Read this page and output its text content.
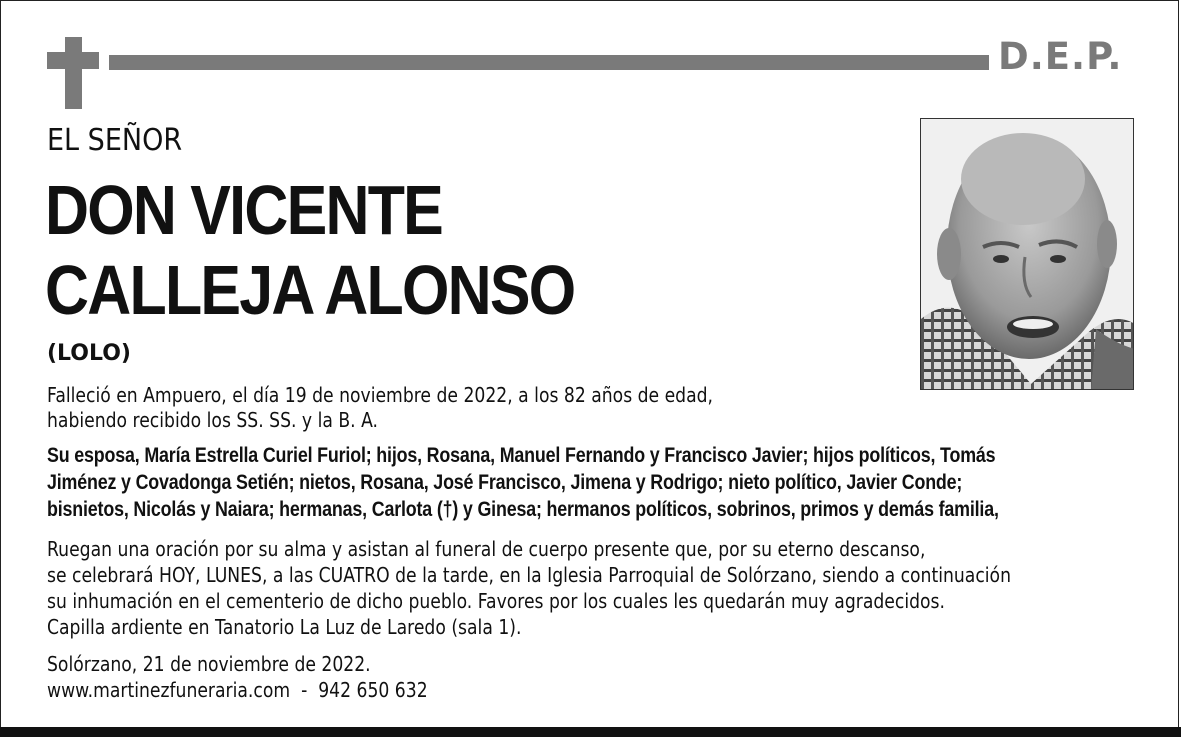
D.E.P.
EL SEÑOR
DON VICENTE
CALLEJA ALONSO
(LOLO)
Falleció en Ampuero, el día 19 de noviembre de 2022, a los 82 años de edad,
habiendo recibido los SS. SS. y la B. A.
Su esposa, María Estrella Curiel Furiol; hijos, Rosana, Manuel Fernando y Francisco Javier; hijos políticos, Tomás
Jiménez y Covadonga Setién; nietos, Rosana, José Francisco, Jimena y Rodrigo; nieto político, Javier Conde;
bisnietos, Nicolás y Naiara; hermanas, Carlota (†) y Ginesa; hermanos políticos, sobrinos, primos y demás familia,
Ruegan una oración por su alma y asistan al funeral de cuerpo presente que, por su eterno descanso,
se celebrará HOY, LUNES, a las CUATRO de la tarde, en la Iglesia Parroquial de Solórzano, siendo a continuación
su inhumación en el cementerio de dicho pueblo. Favores por los cuales les quedarán muy agradecidos.
Capilla ardiente en Tanatorio La Luz de Laredo (sala 1).
Solórzano, 21 de noviembre de 2022.
www.martinezfuneraria.com  -  942 650 632
